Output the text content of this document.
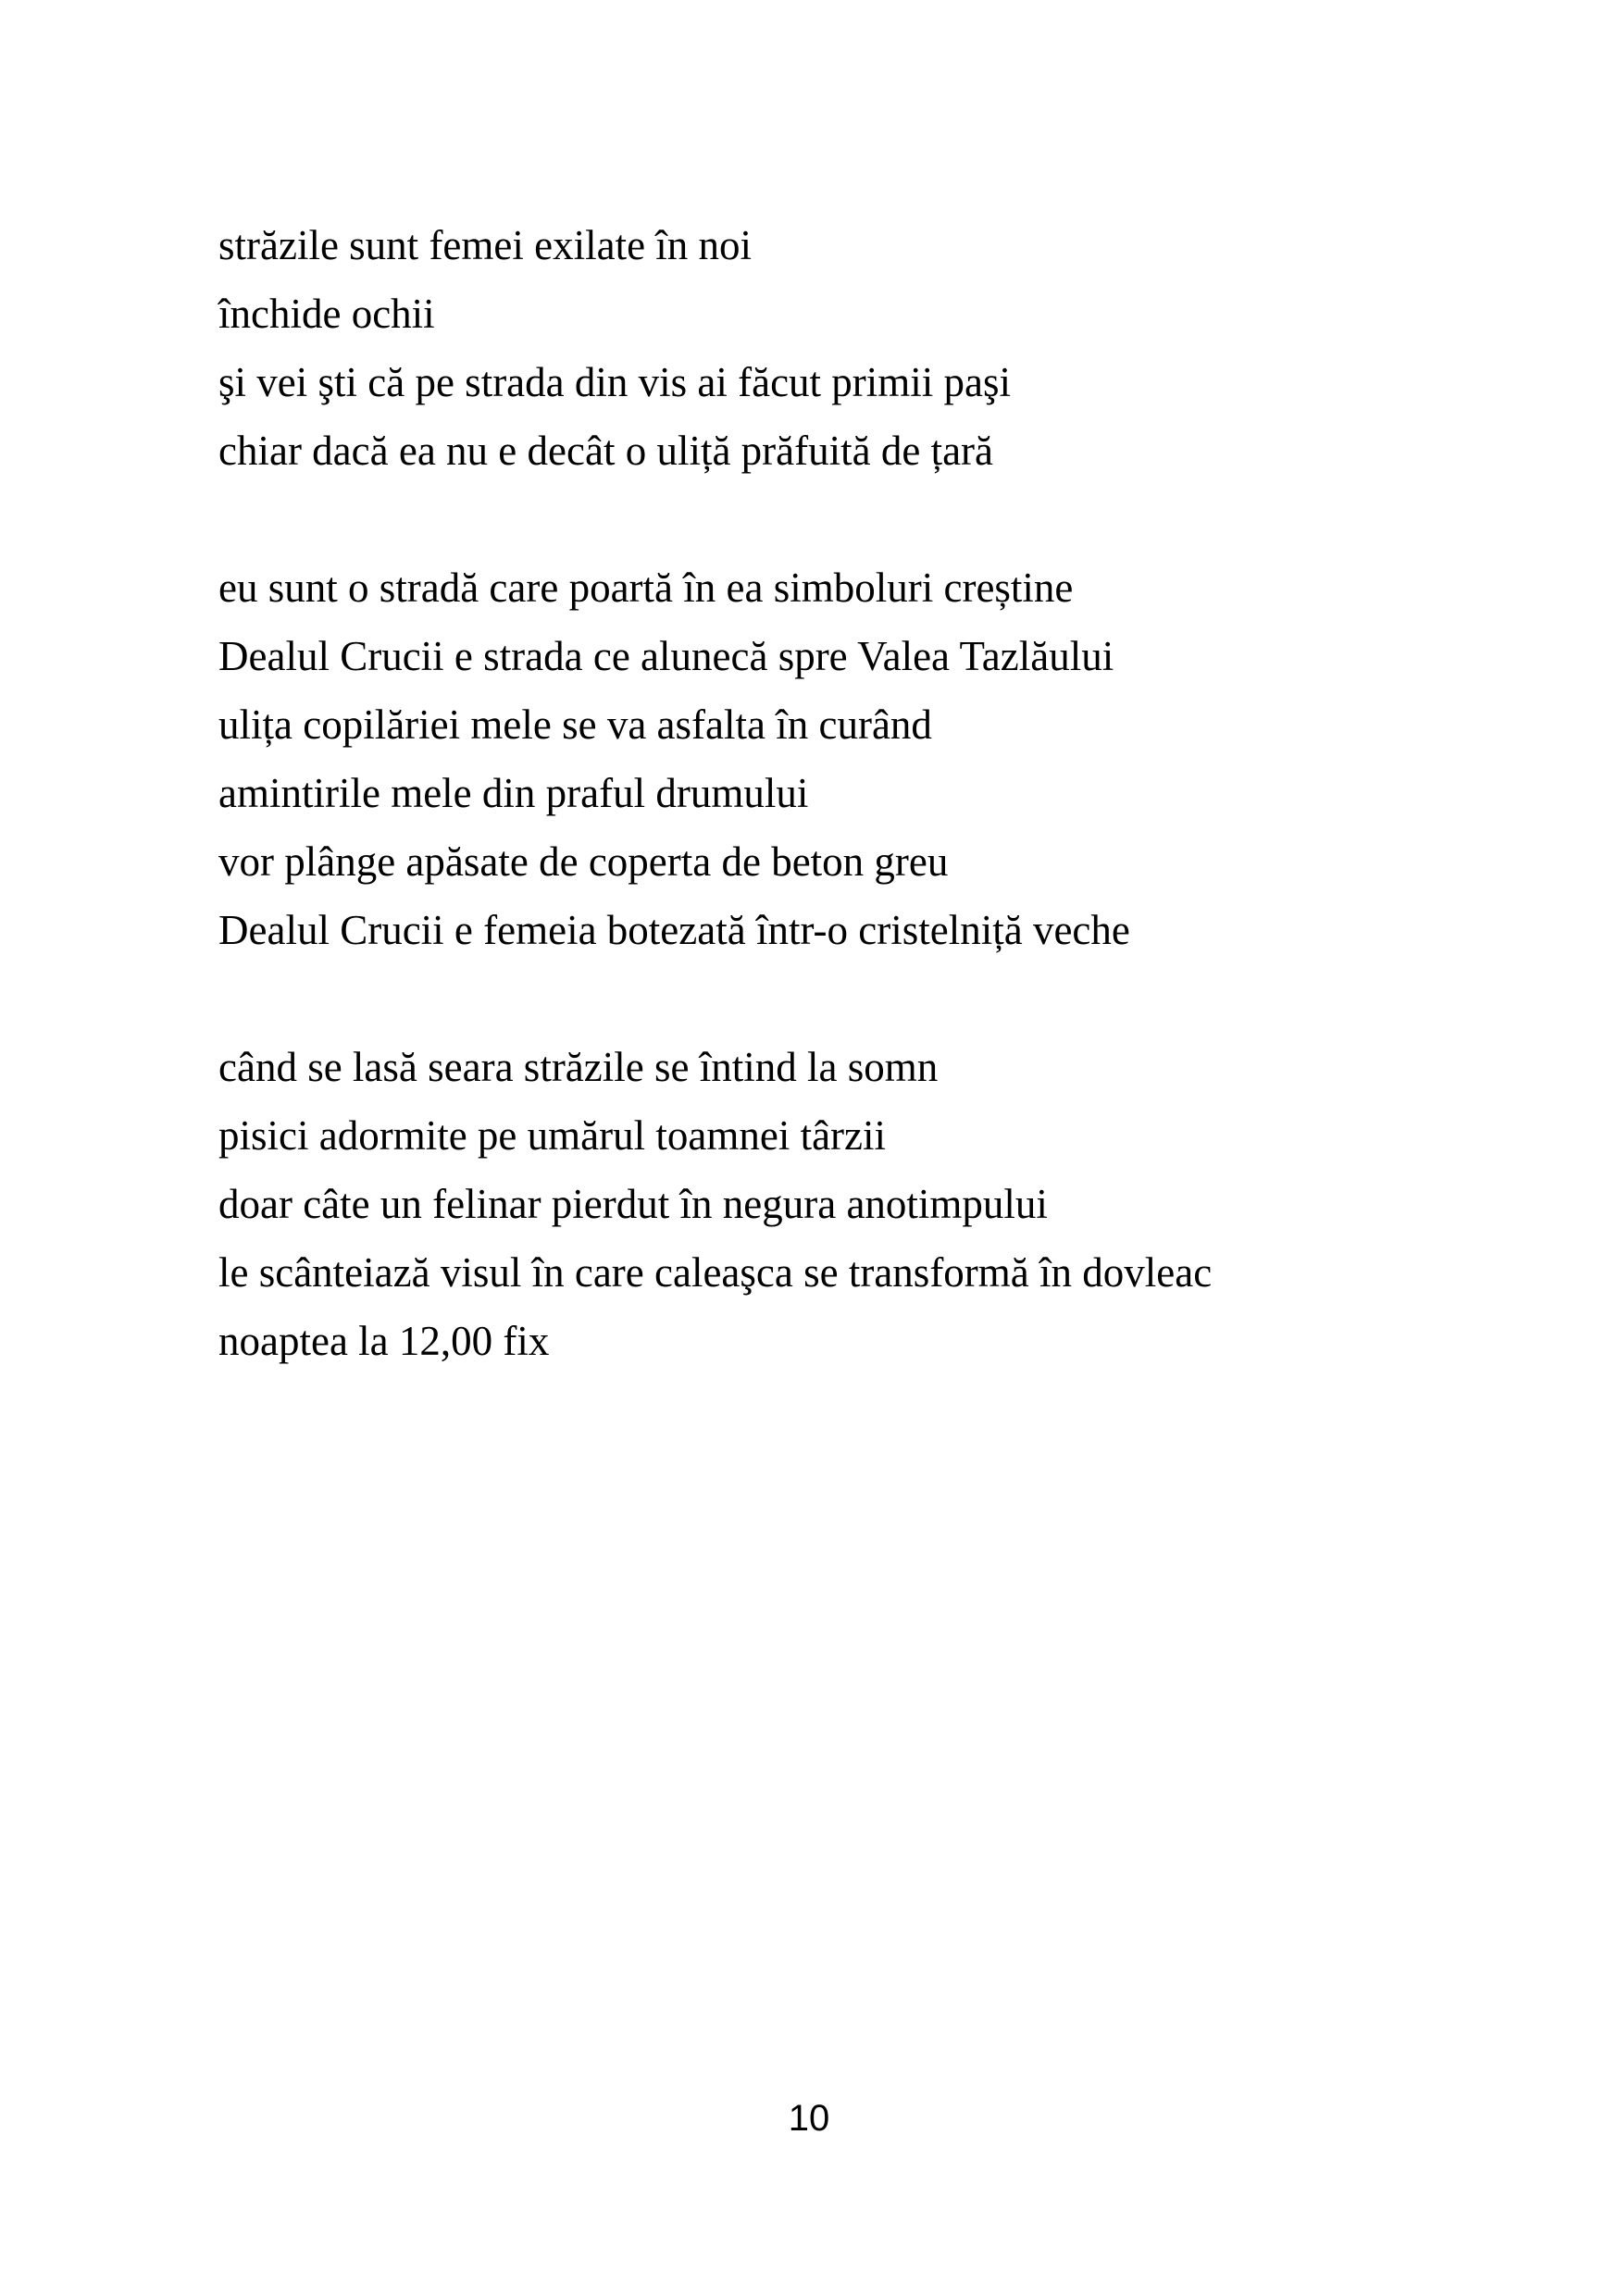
străzile sunt femei exilate în noi
închide ochii
şi vei şti că pe strada din vis ai făcut primii paşi
chiar dacă ea nu e decât o uliță prăfuită de țară
eu sunt o stradă care poartă în ea simboluri creștine
Dealul Crucii e strada ce alunecă spre Valea Tazlăului
ulița copilăriei mele se va asfalta în curând
amintirile mele din praful drumului
vor plânge apăsate de coperta de beton greu
Dealul Crucii e femeia botezată într-o cristelniță veche
când se lasă seara străzile se întind la somn
pisici adormite pe umărul toamnei târzii
doar câte un felinar pierdut în negura anotimpului
le scânteiază visul în care caleaşca se transformă în dovleac
noaptea la 12,00 fix
10
